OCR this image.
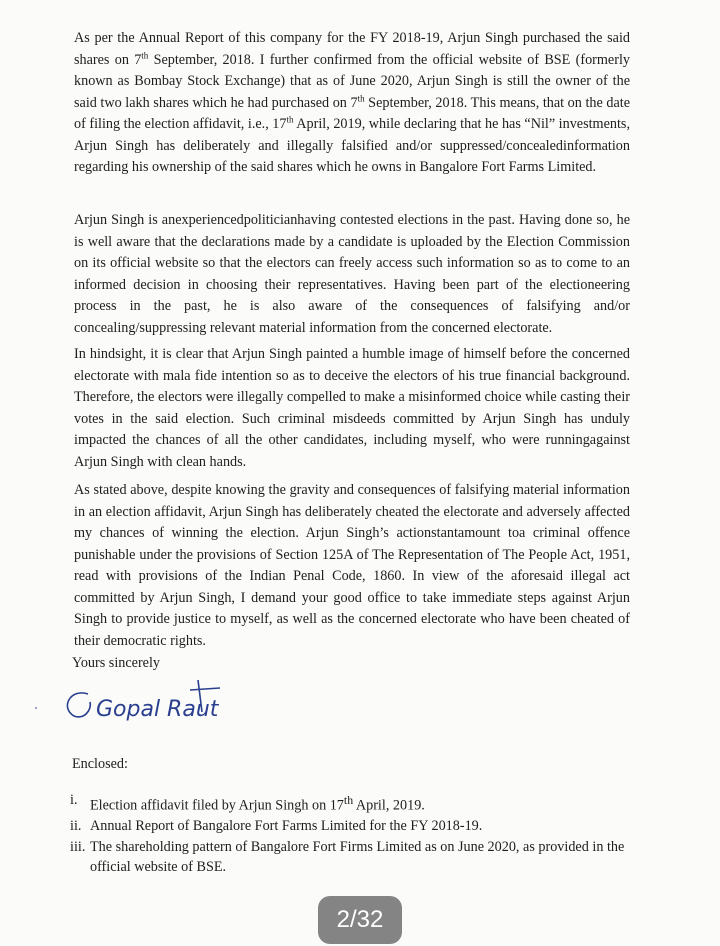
As per the Annual Report of this company for the FY 2018-19, Arjun Singh purchased the said shares on 7th September, 2018. I further confirmed from the official website of BSE (formerly known as Bombay Stock Exchange) that as of June 2020, Arjun Singh is still the owner of the said two lakh shares which he had purchased on 7th September, 2018. This means, that on the date of filing the election affidavit, i.e., 17th April, 2019, while declaring that he has “Nil” investments, Arjun Singh has deliberately and illegally falsified and/or suppressed/concealedinformation regarding his ownership of the said shares which he owns in Bangalore Fort Farms Limited.
Arjun Singh is anexperiencedpoliticianhaving contested elections in the past. Having done so, he is well aware that the declarations made by a candidate is uploaded by the Election Commission on its official website so that the electors can freely access such information so as to come to an informed decision in choosing their representatives. Having been part of the electioneering process in the past, he is also aware of the consequences of falsifying and/or concealing/suppressing relevant material information from the concerned electorate.
In hindsight, it is clear that Arjun Singh painted a humble image of himself before the concerned electorate with mala fide intention so as to deceive the electors of his true financial background. Therefore, the electors were illegally compelled to make a misinformed choice while casting their votes in the said election. Such criminal misdeeds committed by Arjun Singh has unduly impacted the chances of all the other candidates, including myself, who were runningagainst Arjun Singh with clean hands.
As stated above, despite knowing the gravity and consequences of falsifying material information in an election affidavit, Arjun Singh has deliberately cheated the electorate and adversely affected my chances of winning the election. Arjun Singh’s actionstantamount toa criminal offence punishable under the provisions of Section 125A of The Representation of The People Act, 1951, read with provisions of the Indian Penal Code, 1860. In view of the aforesaid illegal act committed by Arjun Singh, I demand your good office to take immediate steps against Arjun Singh to provide justice to myself, as well as the concerned electorate who have been cheated of their democratic rights.
Yours sincerely
Gopal Raut
Enclosed:
i. Election affidavit filed by Arjun Singh on 17th April, 2019.
ii. Annual Report of Bangalore Fort Farms Limited for the FY 2018-19.
iii. The shareholding pattern of Bangalore Fort Firms Limited as on June 2020, as provided in the official website of BSE.
2/32
